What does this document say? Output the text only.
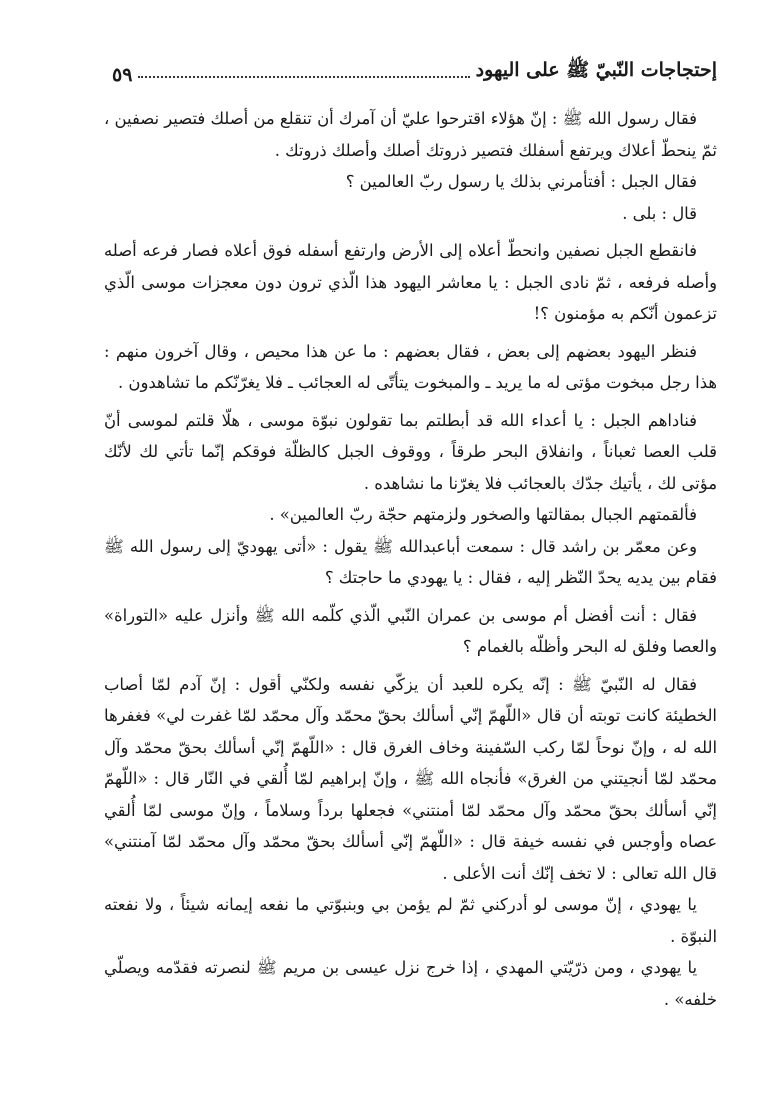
إحتجاجات النّبيّ ﷺ على اليهود
٥٩

فقال رسول الله ﷺ : إنّ هؤلاء اقترحوا عليّ أن آمرك أن تنقلع من أصلك فتصير نصفين ، ثمّ ينحطّ أعلاك ويرتفع أسفلك فتصير ذروتك أصلك وأصلك ذروتك .

فقال الجبل : أفتأمرني بذلك يا رسول ربّ العالمين ؟

قال : بلى .

فانقطع الجبل نصفين وانحطّ أعلاه إلى الأرض وارتفع أسفله فوق أعلاه فصار فرعه أصله وأصله فرفعه ، ثمّ نادى الجبل : يا معاشر اليهود هذا الّذي ترون دون معجزات موسى الّذي تزعمون أنّكم به مؤمنون ؟!

فنظر اليهود بعضهم إلى بعض ، فقال بعضهم : ما عن هذا محيص ، وقال آخرون منهم : هذا رجل مبخوت مؤتى له ما يريد ـ والمبخوت يتأتّى له العجائب ـ فلا يغرّنّكم ما تشاهدون .

فناداهم الجبل : يا أعداء الله قد أبطلتم بما تقولون نبوّة موسى ، هلّا قلتم لموسى أنّ قلب العصا ثعباناً ، وانفلاق البحر طرقاً ، ووقوف الجبل كالظلّة فوقكم إنّما تأتي لك لأنّك مؤتى لك ، يأتيك جدّك بالعجائب فلا يغرّنا ما نشاهده .

فألقمتهم الجبال بمقالتها والصخور ولزمتهم حجّة ربّ العالمين» .

وعن معمّر بن راشد قال : سمعت أباعبدالله ﷺ يقول : «أتى يهوديّ إلى رسول الله ﷺ فقام بين يديه يحدّ النّظر إليه ، فقال : يا يهودي ما حاجتك ؟

فقال : أنت أفضل أم موسى بن عمران النّبي الّذي كلّمه الله ﷺ وأنزل عليه «التوراة» والعصا وفلق له البحر وأظلّه بالغمام ؟

فقال له النّبيّ ﷺ : إنّه يكره للعبد أن يزكّي نفسه ولكنّي أقول : إنّ آدم لمّا أصاب الخطيئة كانت توبته أن قال «اللّهمّ إنّي أسألك بحقّ محمّد وآل محمّد لمّا غفرت لي» فغفرها الله له ، وإنّ نوحاً لمّا ركب السّفينة وخاف الغرق قال : «اللّهمّ إنّي أسألك بحقّ محمّد وآل محمّد لمّا أنجيتني من الغرق» فأنجاه الله ﷺ ، وإنّ إبراهيم لمّا أُلقي في النّار قال : «اللّهمّ إنّي أسألك بحقّ محمّد وآل محمّد لمّا أمنتني» فجعلها برداً وسلاماً ، وإنّ موسى لمّا أُلقي عصاه وأوجس في نفسه خيفة قال : «اللّهمّ إنّي أسألك بحقّ محمّد وآل محمّد لمّا آمنتني» قال الله تعالى : لا تخف إنّك أنت الأعلى .

يا يهودي ، إنّ موسى لو أدركني ثمّ لم يؤمن بي وبنبوّتي ما نفعه إيمانه شيئاً ، ولا نفعته النبوّة .

يا يهودي ، ومن ذرّيّتي المهدي ، إذا خرج نزل عيسى بن مريم ﷺ لنصرته فقدّمه ويصلّي خلفه» .
